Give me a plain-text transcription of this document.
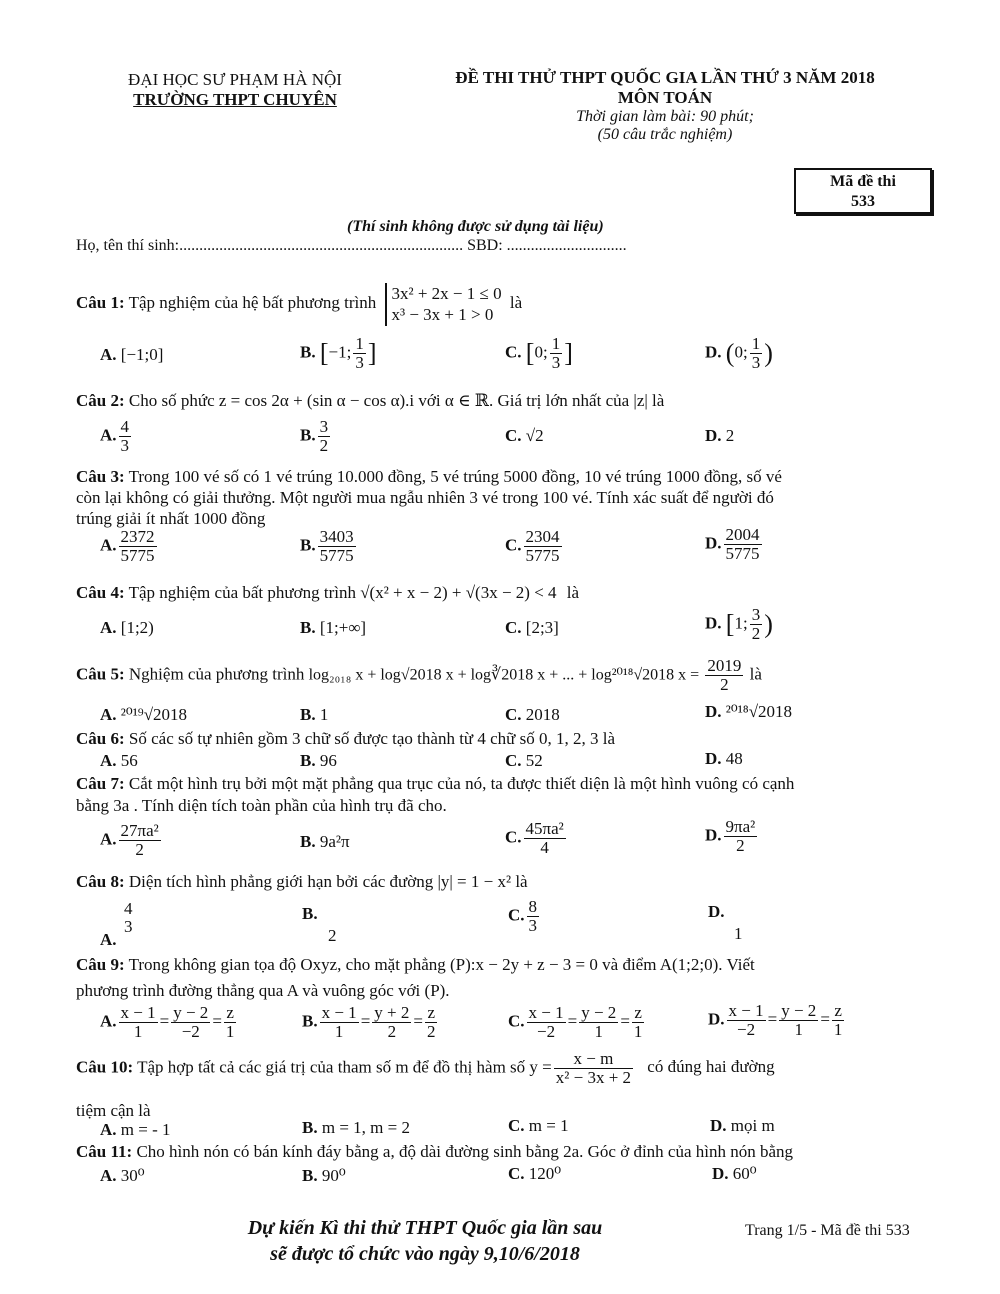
ĐẠI HỌC SƯ PHẠM HÀ NỘI
TRƯỜNG THPT CHUYÊN
ĐỀ THI THỬ THPT QUỐC GIA LẦN THỨ 3 NĂM 2018
MÔN TOÁN
Thời gian làm bài: 90 phút;
(50 câu trắc nghiệm)
Mã đề thi
533
(Thí sinh không được sử dụng tài liệu)
Họ, tên thí sinh:....................................................................... SBD: ..............................
Câu 1: Tập nghiệm của hệ bất phương trình 3x² + 2x − 1 ≤ 0
x³ − 3x + 1 > 0
là
A. [−1;0]	B. [−1; $\frac{1}{3}$ ]	C. [0; $\frac{1}{3}$ ]	D. (0; $\frac{1}{3}$ )
Câu 2: Cho số phức z = cos 2α + (sin α − cos α).i với α ∈ ℝ. Giá trị lớn nhất của |z| là
A. $\frac{4}{3}$	B. $\frac{3}{2}$	C. √2	D. 2
Câu 3: Trong 100 vé số có 1 vé trúng 10.000 đồng, 5 vé trúng 5000 đồng, 10 vé trúng 1000 đồng, số vé
còn lại không có giải thưởng. Một người mua ngẫu nhiên 3 vé trong 100 vé. Tính xác suất để người đó
trúng giải ít nhất 1000 đồng
A. $\frac{2372}{5775}$	B. $\frac{3403}{5775}$	C. $\frac{2304}{5775}$	D. $\frac{2004}{5775}$
Câu 4: Tập nghiệm của bất phương trình √(x² + x − 2) + √(3x − 2) < 4 là
A. [1;2)	B. [1;+∞]	C. [2;3]	D. [1; $\frac{3}{2}$ )
Câu 5: Nghiệm của phương trình log₂₀₁₈ x + log√2018 x + log∛2018 x + ... + log²⁰¹⁸√2018 $x = \frac{2019}{2}$ là
A. ²⁰¹⁹√2018	B. 1	C. 2018	D. ²⁰¹⁸√2018
Câu 6: Số các số tự nhiên gồm 3 chữ số được tạo thành từ 4 chữ số 0, 1, 2, 3 là
A. 56	B. 96	C. 52	D. 48
Câu 7: Cắt một hình trụ bởi một mặt phẳng qua trục của nó, ta được thiết diện là một hình vuông có cạnh
bằng 3a . Tính diện tích toàn phần của hình trụ đã cho.
A. $\frac{\text{27πa²}}{2}$	B. 9a²π	C. $\frac{\text{45πa²}}{4}$	D. $\frac{\text{9πa²}}{2}$
Câu 8: Diện tích hình phẳng giới hạn bởi các đường |y| = 1 − x² là
4
3
A.
B.
2
C. $\frac{8}{3}$	D.
1
Câu 9: Trong không gian tọa độ Oxyz, cho mặt phẳng (P):x − 2y + z − 3 = 0 và điểm A(1;2;0). Viết
phương trình đường thẳng qua A và vuông góc với (P).
A. $\frac{x - 1}{1} = \frac{y - 2}{-2} = \frac{z}{1}$	B. $\frac{x - 1}{1} = \frac{y + 2}{2} = \frac{z}{2}$	C. $\frac{x - 1}{-2} = \frac{y - 2}{1} = \frac{z}{1}$	D. $\frac{x - 1}{-2} = \frac{y - 2}{1} = \frac{z}{1}$
Câu 10: Tập hợp tất cả các giá trị của tham số m để đồ thị hàm số $y = \frac{x - m}{\text{x² − 3x + 2}}$ có đúng hai đường
tiệm cận là
A. m = - 1	B. m = 1, m = 2	C. m = 1	D. mọi m
Câu 11: Cho hình nón có bán kính đáy bằng a, độ dài đường sinh bằng 2a. Góc ở đỉnh của hình nón bằng
A. 30⁰	B. 90⁰	C. 120⁰	D. 60⁰
Dự kiến Kì thi thử THPT Quốc gia lần sau
sẽ được tổ chức vào ngày 9,10/6/2018
Trang 1/5 - Mã đề thi 533
